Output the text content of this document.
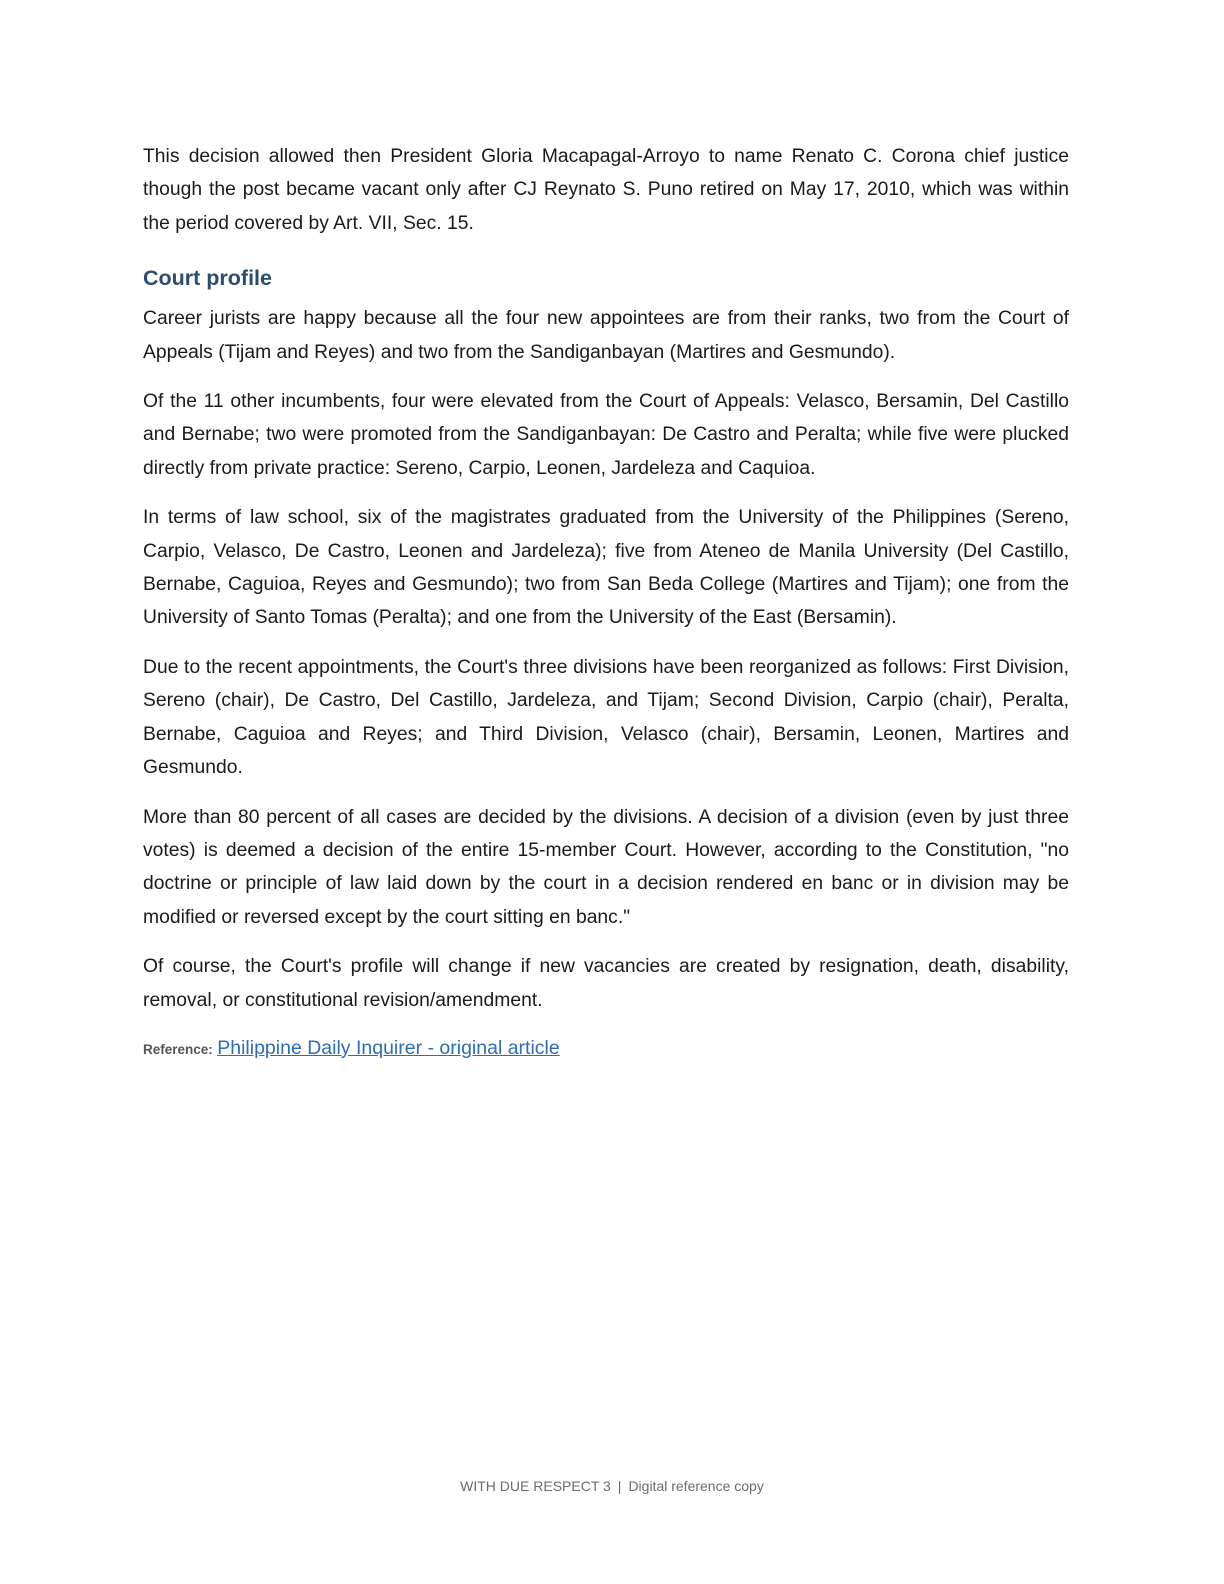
This decision allowed then President Gloria Macapagal-Arroyo to name Renato C. Corona chief justice though the post became vacant only after CJ Reynato S. Puno retired on May 17, 2010, which was within the period covered by Art. VII, Sec. 15.

Court profile

Career jurists are happy because all the four new appointees are from their ranks, two from the Court of Appeals (Tijam and Reyes) and two from the Sandiganbayan (Martires and Gesmundo).

Of the 11 other incumbents, four were elevated from the Court of Appeals: Velasco, Bersamin, Del Castillo and Bernabe; two were promoted from the Sandiganbayan: De Castro and Peralta; while five were plucked directly from private practice: Sereno, Carpio, Leonen, Jardeleza and Caquioa.

In terms of law school, six of the magistrates graduated from the University of the Philippines (Sereno, Carpio, Velasco, De Castro, Leonen and Jardeleza); five from Ateneo de Manila University (Del Castillo, Bernabe, Caguioa, Reyes and Gesmundo); two from San Beda College (Martires and Tijam); one from the University of Santo Tomas (Peralta); and one from the University of the East (Bersamin).

Due to the recent appointments, the Court's three divisions have been reorganized as follows: First Division, Sereno (chair), De Castro, Del Castillo, Jardeleza, and Tijam; Second Division, Carpio (chair), Peralta, Bernabe, Caguioa and Reyes; and Third Division, Velasco (chair), Bersamin, Leonen, Martires and Gesmundo.

More than 80 percent of all cases are decided by the divisions. A decision of a division (even by just three votes) is deemed a decision of the entire 15-member Court. However, according to the Constitution, "no doctrine or principle of law laid down by the court in a decision rendered en banc or in division may be modified or reversed except by the court sitting en banc."

Of course, the Court's profile will change if new vacancies are created by resignation, death, disability, removal, or constitutional revision/amendment.

Reference: Philippine Daily Inquirer - original article
WITH DUE RESPECT 3 | Digital reference copy
